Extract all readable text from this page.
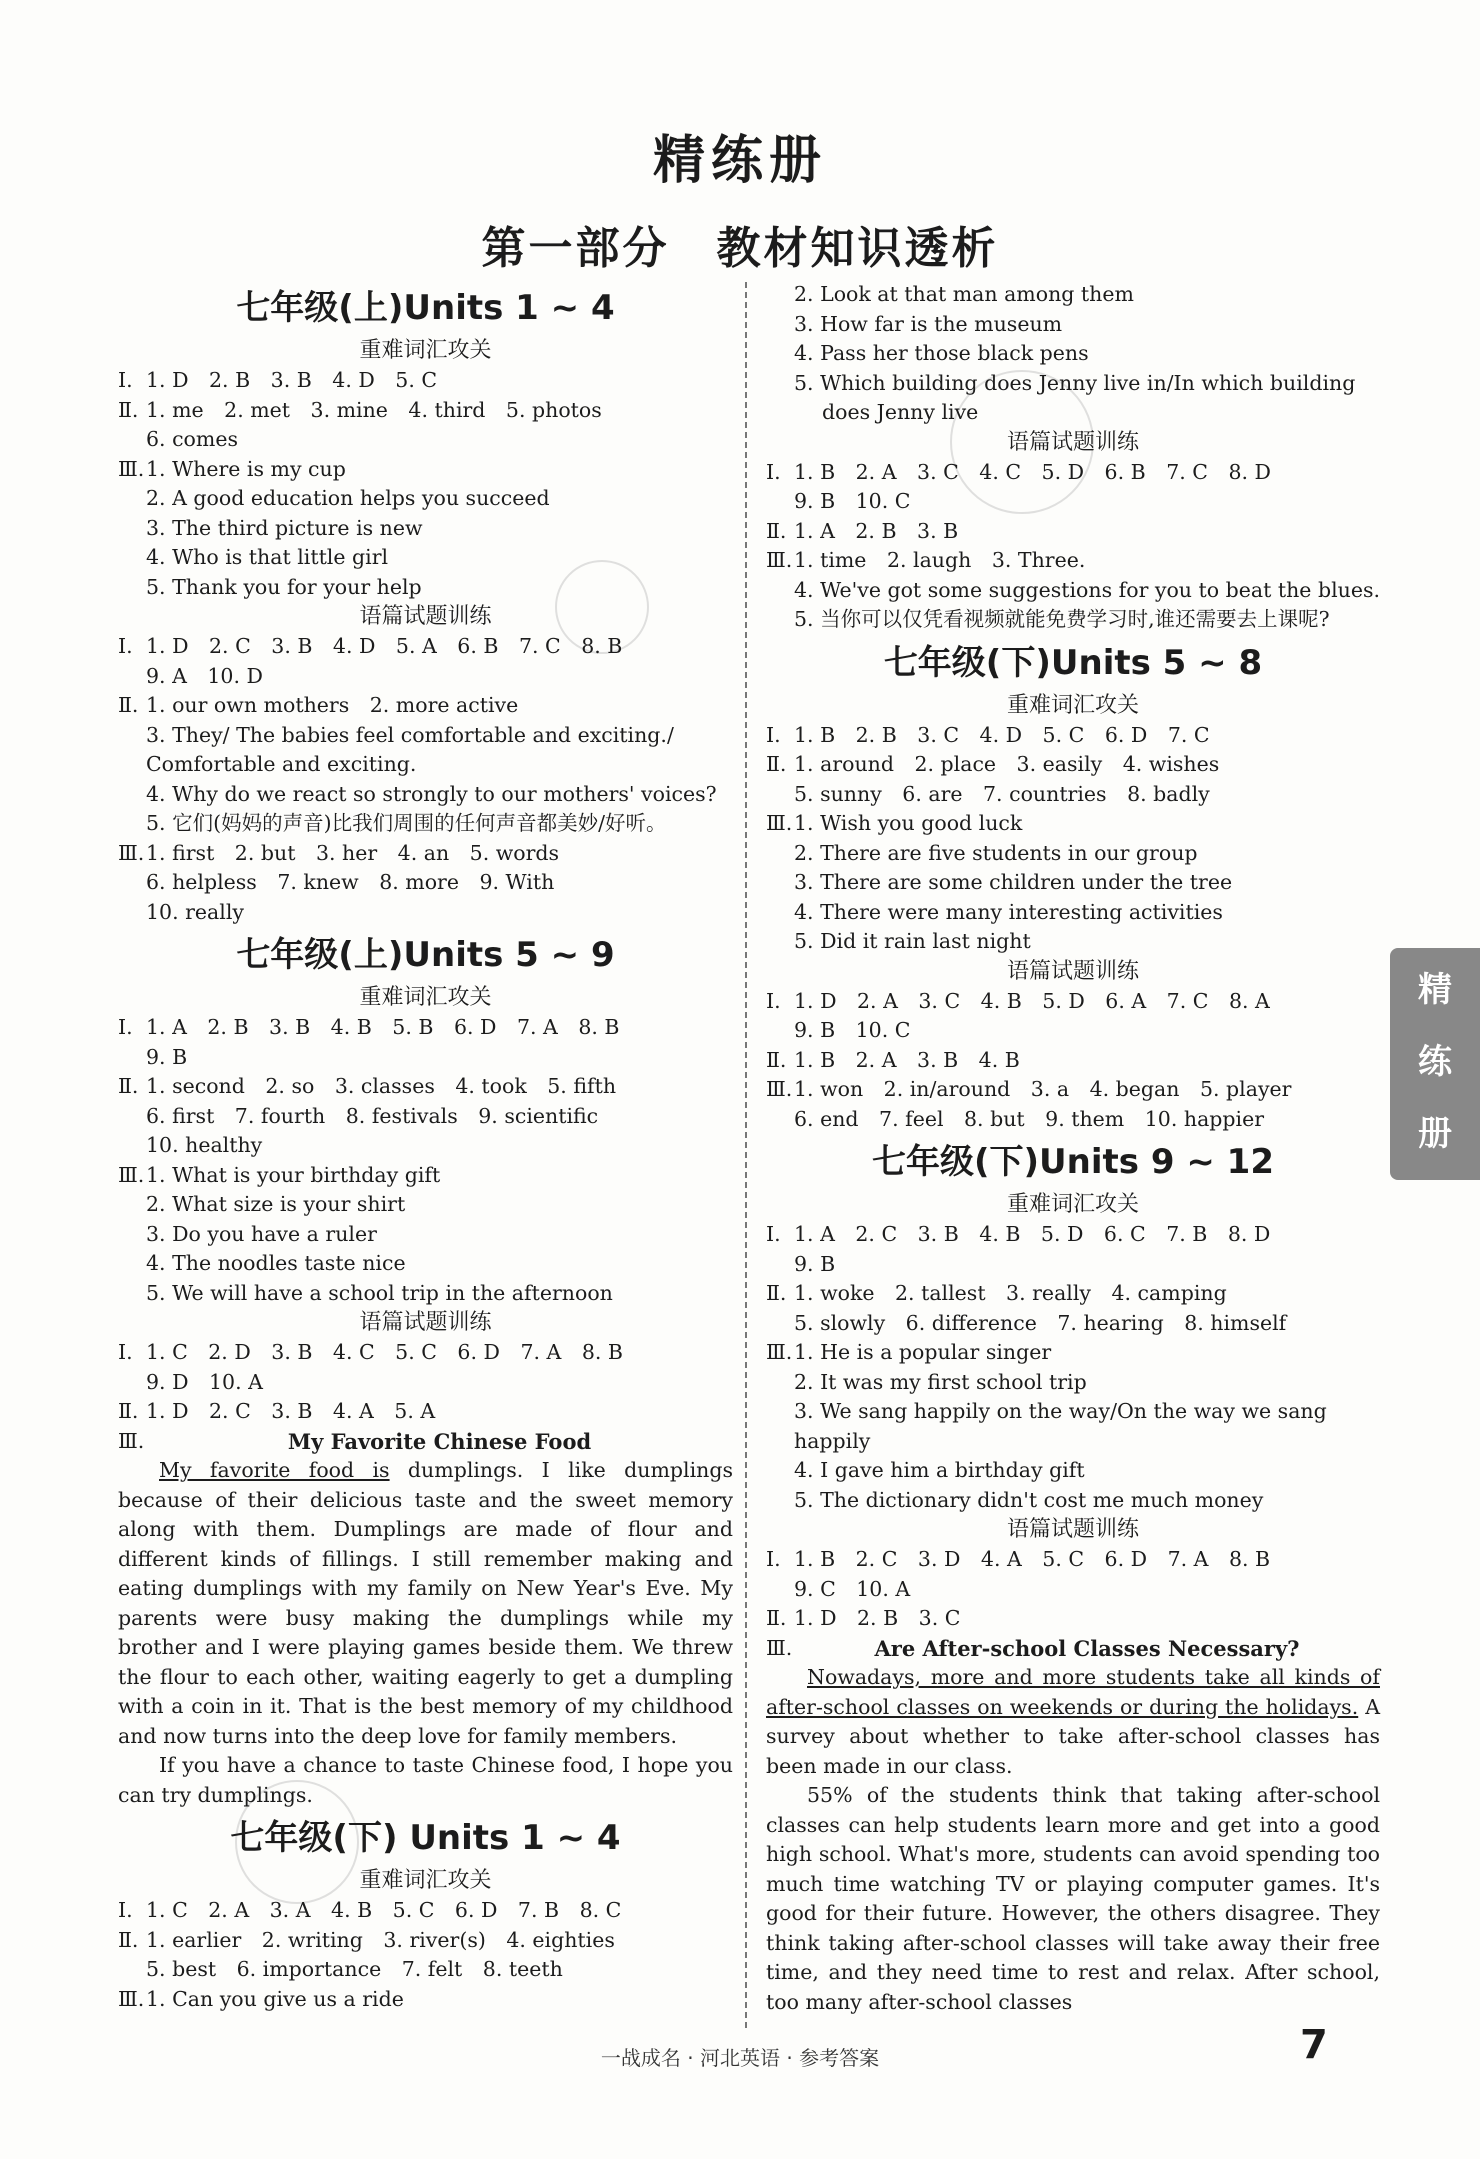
精练册
第一部分　教材知识透析
七年级(上)Units 1 ~ 4
重难词汇攻关
Ⅰ. 1. D　2. B　3. B　4. D　5. C
Ⅱ. 1. me　2. met　3. mine　4. third　5. photos
6. comes
Ⅲ. 1. Where is my cup
2. A good education helps you succeed
3. The third picture is new
4. Who is that little girl
5. Thank you for your help
语篇试题训练
Ⅰ. 1. D　2. C　3. B　4. D　5. A　6. B　7. C　8. B
9. A　10. D
Ⅱ. 1. our own mothers　2. more active
3. They/ The babies feel comfortable and exciting./ Comfortable and exciting.
4. Why do we react so strongly to our mothers' voices?
5. 它们(妈妈的声音)比我们周围的任何声音都美妙/好听。
Ⅲ. 1. first　2. but　3. her　4. an　5. words
6. helpless　7. knew　8. more　9. With
10. really
七年级(上)Units 5 ~ 9
重难词汇攻关
Ⅰ. 1. A　2. B　3. B　4. B　5. B　6. D　7. A　8. B
9. B
Ⅱ. 1. second　2. so　3. classes　4. took　5. fifth
6. first　7. fourth　8. festivals　9. scientific
10. healthy
Ⅲ. 1. What is your birthday gift
2. What size is your shirt
3. Do you have a ruler
4. The noodles taste nice
5. We will have a school trip in the afternoon
语篇试题训练
Ⅰ. 1. C　2. D　3. B　4. C　5. C　6. D　7. A　8. B
9. D　10. A
Ⅱ. 1. D　2. C　3. B　4. A　5. A
Ⅲ.	My Favorite Chinese Food
My favorite food is dumplings. I like dumplings because of their delicious taste and the sweet memory along with them. Dumplings are made of flour and different kinds of fillings. I still remember making and eating dumplings with my family on New Year's Eve. My parents were busy making the dumplings while my brother and I were playing games beside them. We threw the flour to each other, waiting eagerly to get a dumpling with a coin in it. That is the best memory of my childhood and now turns into the deep love for family members.
If you have a chance to taste Chinese food, I hope you can try dumplings.
七年级(下) Units 1 ~ 4
重难词汇攻关
Ⅰ. 1. C　2. A　3. A　4. B　5. C　6. D　7. B　8. C
Ⅱ. 1. earlier　2. writing　3. river(s)　4. eighties
5. best　6. importance　7. felt　8. teeth
Ⅲ. 1. Can you give us a ride
2. Look at that man among them
3. How far is the museum
4. Pass her those black pens
5. Which building does Jenny live in/In which building
does Jenny live
语篇试题训练
Ⅰ. 1. B　2. A　3. C　4. C　5. D　6. B　7. C　8. D
9. B　10. C
Ⅱ. 1. A　2. B　3. B
Ⅲ. 1. time　2. laugh　3. Three.
4. We've got some suggestions for you to beat the blues.
5. 当你可以仅凭看视频就能免费学习时,谁还需要去上课呢?
七年级(下)Units 5 ~ 8
重难词汇攻关
Ⅰ. 1. B　2. B　3. C　4. D　5. C　6. D　7. C
Ⅱ. 1. around　2. place　3. easily　4. wishes
5. sunny　6. are　7. countries　8. badly
Ⅲ. 1. Wish you good luck
2. There are five students in our group
3. There are some children under the tree
4. There were many interesting activities
5. Did it rain last night
语篇试题训练
Ⅰ. 1. D　2. A　3. C　4. B　5. D　6. A　7. C　8. A
9. B　10. C
Ⅱ. 1. B　2. A　3. B　4. B
Ⅲ. 1. won　2. in/around　3. a　4. began　5. player
6. end　7. feel　8. but　9. them　10. happier
七年级(下)Units 9 ~ 12
重难词汇攻关
Ⅰ. 1. A　2. C　3. B　4. B　5. D　6. C　7. B　8. D
9. B
Ⅱ. 1. woke　2. tallest　3. really　4. camping
5. slowly　6. difference　7. hearing　8. himself
Ⅲ. 1. He is a popular singer
2. It was my first school trip
3. We sang happily on the way/On the way we sang happily
4. I gave him a birthday gift
5. The dictionary didn't cost me much money
语篇试题训练
Ⅰ. 1. B　2. C　3. D　4. A　5. C　6. D　7. A　8. B
9. C　10. A
Ⅱ. 1. D　2. B　3. C
Ⅲ.	Are After-school Classes Necessary?
Nowadays, more and more students take all kinds of after-school classes on weekends or during the holidays. A survey about whether to take after-school classes has been made in our class.
55% of the students think that taking after-school classes can help students learn more and get into a good high school. What's more, students can avoid spending too much time watching TV or playing computer games. It's good for their future. However, the others disagree. They think taking after-school classes will take away their free time, and they need time to rest and relax. After school, too many after-school classes
精
练
册
一战成名 · 河北英语 · 参考答案	7
